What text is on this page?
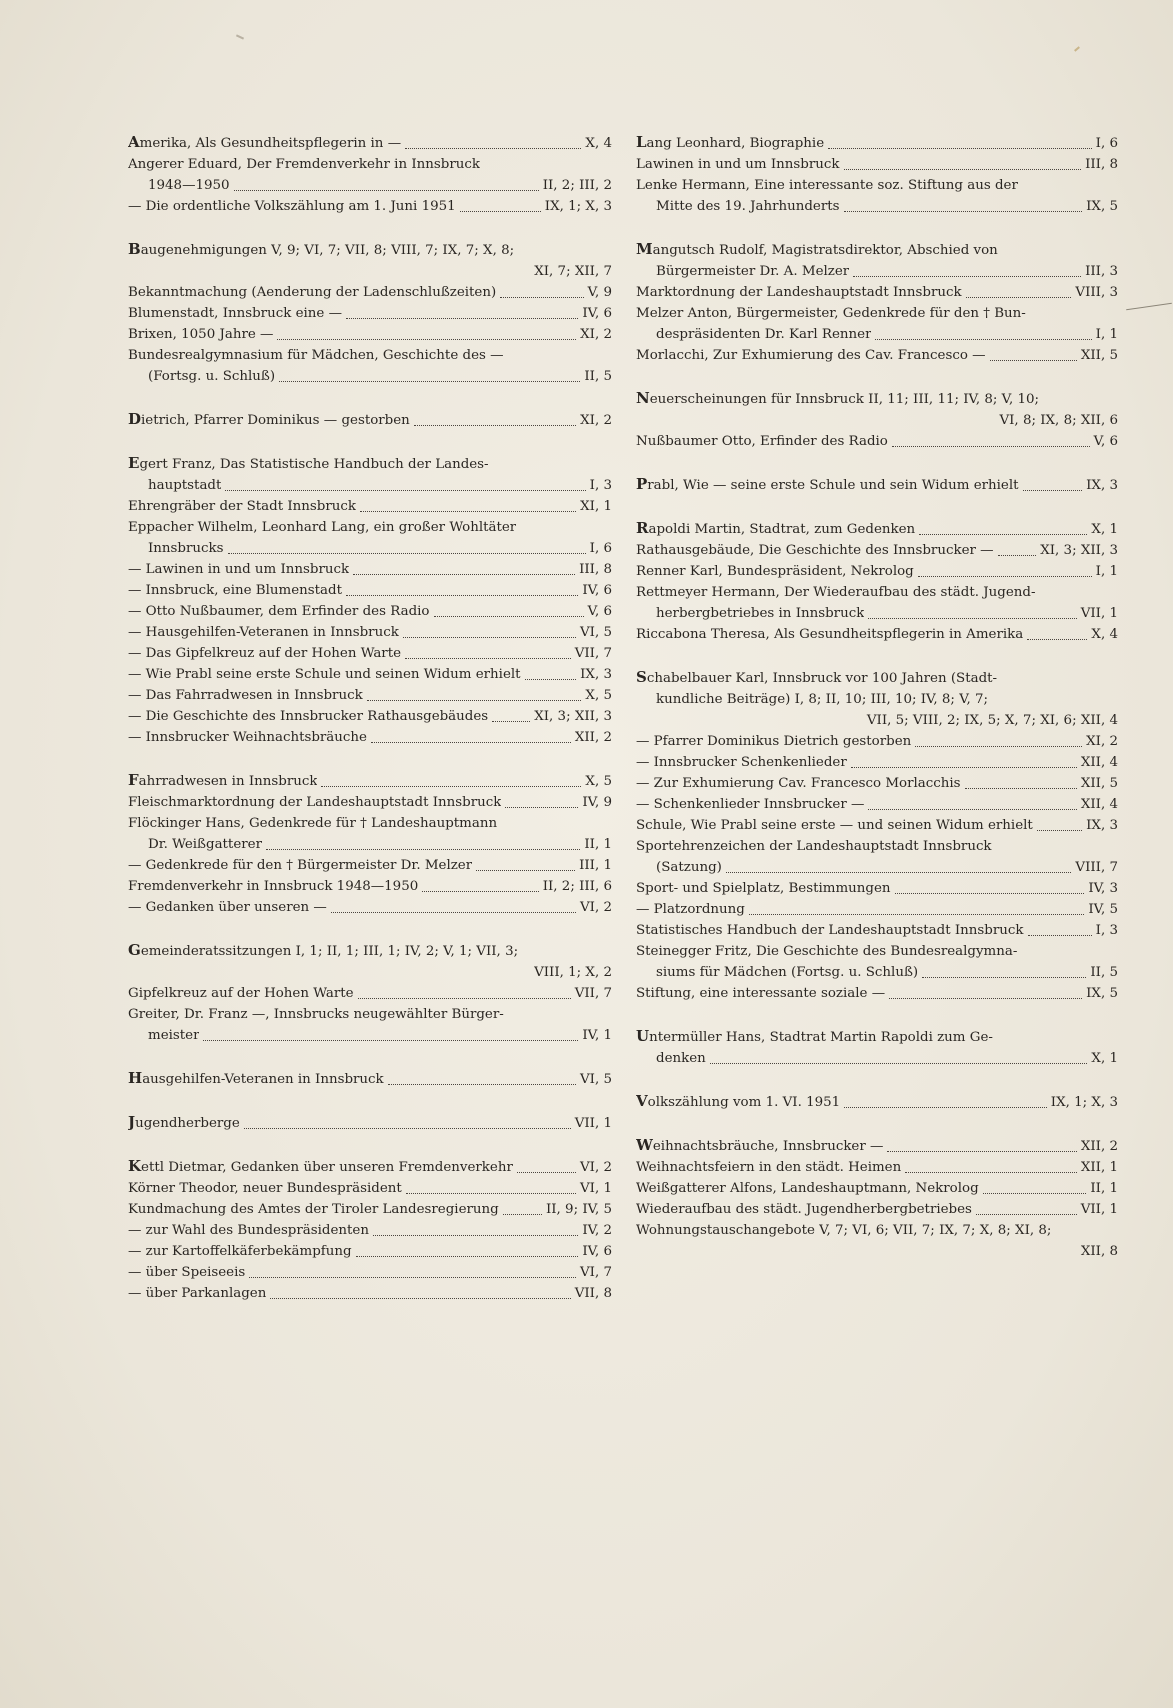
Amerika, Als Gesundheitspflegerin in —	X, 4
Angerer Eduard, Der Fremdenverkehr in Innsbruck
1948—1950	II, 2; III, 2
— Die ordentliche Volkszählung am 1. Juni 1951	IX, 1; X, 3
Baugenehmigungen V, 9; VI, 7; VII, 8; VIII, 7; IX, 7; X, 8;
XI, 7; XII, 7
Bekanntmachung (Aenderung der Ladenschlußzeiten)	V, 9
Blumenstadt, Innsbruck eine —	IV, 6
Brixen, 1050 Jahre —	XI, 2
Bundesrealgymnasium für Mädchen, Geschichte des —
(Fortsg. u. Schluß)	II, 5
Dietrich, Pfarrer Dominikus — gestorben	XI, 2
Egert Franz, Das Statistische Handbuch der Landes-
hauptstadt	I, 3
Ehrengräber der Stadt Innsbruck	XI, 1
Eppacher Wilhelm, Leonhard Lang, ein großer Wohltäter
Innsbrucks	I, 6
— Lawinen in und um Innsbruck	III, 8
— Innsbruck, eine Blumenstadt	IV, 6
— Otto Nußbaumer, dem Erfinder des Radio	V, 6
— Hausgehilfen-Veteranen in Innsbruck	VI, 5
— Das Gipfelkreuz auf der Hohen Warte	VII, 7
— Wie Prabl seine erste Schule und seinen Widum erhielt	IX, 3
— Das Fahrradwesen in Innsbruck	X, 5
— Die Geschichte des Innsbrucker Rathausgebäudes	XI, 3; XII, 3
— Innsbrucker Weihnachtsbräuche	XII, 2
Fahrradwesen in Innsbruck	X, 5
Fleischmarktordnung der Landeshauptstadt Innsbruck	IV, 9
Flöckinger Hans, Gedenkrede für † Landeshauptmann
Dr. Weißgatterer	II, 1
— Gedenkrede für den † Bürgermeister Dr. Melzer	III, 1
Fremdenverkehr in Innsbruck 1948—1950	II, 2; III, 6
— Gedanken über unseren —	VI, 2
Gemeinderatssitzungen I, 1; II, 1; III, 1; IV, 2; V, 1; VII, 3;
VIII, 1; X, 2
Gipfelkreuz auf der Hohen Warte	VII, 7
Greiter, Dr. Franz —, Innsbrucks neugewählter Bürger-
meister	IV, 1
Hausgehilfen-Veteranen in Innsbruck	VI, 5
Jugendherberge	VII, 1
Kettl Dietmar, Gedanken über unseren Fremdenverkehr	VI, 2
Körner Theodor, neuer Bundespräsident	VI, 1
Kundmachung des Amtes der Tiroler Landesregierung	II, 9; IV, 5
— zur Wahl des Bundespräsidenten	IV, 2
— zur Kartoffelkäferbekämpfung	IV, 6
— über Speiseeis	VI, 7
— über Parkanlagen	VII, 8
Lang Leonhard, Biographie	I, 6
Lawinen in und um Innsbruck	III, 8
Lenke Hermann, Eine interessante soz. Stiftung aus der
Mitte des 19. Jahrhunderts	IX, 5
Mangutsch Rudolf, Magistratsdirektor, Abschied von
Bürgermeister Dr. A. Melzer	III, 3
Marktordnung der Landeshauptstadt Innsbruck	VIII, 3
Melzer Anton, Bürgermeister, Gedenkrede für den † Bun-
despräsidenten Dr. Karl Renner	I, 1
Morlacchi, Zur Exhumierung des Cav. Francesco —	XII, 5
Neuerscheinungen für Innsbruck II, 11; III, 11; IV, 8; V, 10;
VI, 8; IX, 8; XII, 6
Nußbaumer Otto, Erfinder des Radio	V, 6
Prabl, Wie — seine erste Schule und sein Widum erhielt	IX, 3
Rapoldi Martin, Stadtrat, zum Gedenken	X, 1
Rathausgebäude, Die Geschichte des Innsbrucker —	XI, 3; XII, 3
Renner Karl, Bundespräsident, Nekrolog	I, 1
Rettmeyer Hermann, Der Wiederaufbau des städt. Jugend-
herbergbetriebes in Innsbruck	VII, 1
Riccabona Theresa, Als Gesundheitspflegerin in Amerika	X, 4
Schabelbauer Karl, Innsbruck vor 100 Jahren (Stadt-
kundliche Beiträge) I, 8; II, 10; III, 10; IV, 8; V, 7;
VII, 5; VIII, 2; IX, 5; X, 7; XI, 6; XII, 4
— Pfarrer Dominikus Dietrich gestorben	XI, 2
— Innsbrucker Schenkenlieder	XII, 4
— Zur Exhumierung Cav. Francesco Morlacchis	XII, 5
— Schenkenlieder Innsbrucker —	XII, 4
Schule, Wie Prabl seine erste — und seinen Widum erhielt	IX, 3
Sportehrenzeichen der Landeshauptstadt Innsbruck
(Satzung)	VIII, 7
Sport- und Spielplatz, Bestimmungen	IV, 3
— Platzordnung	IV, 5
Statistisches Handbuch der Landeshauptstadt Innsbruck	I, 3
Steinegger Fritz, Die Geschichte des Bundesrealgymna-
siums für Mädchen (Fortsg. u. Schluß)	II, 5
Stiftung, eine interessante soziale —	IX, 5
Untermüller Hans, Stadtrat Martin Rapoldi zum Ge-
denken	X, 1
Volkszählung vom 1. VI. 1951	IX, 1; X, 3
Weihnachtsbräuche, Innsbrucker —	XII, 2
Weihnachtsfeiern in den städt. Heimen	XII, 1
Weißgatterer Alfons, Landeshauptmann, Nekrolog	II, 1
Wiederaufbau des städt. Jugendherbergbetriebes	VII, 1
Wohnungstauschangebote V, 7; VI, 6; VII, 7; IX, 7; X, 8; XI, 8;
XII, 8
